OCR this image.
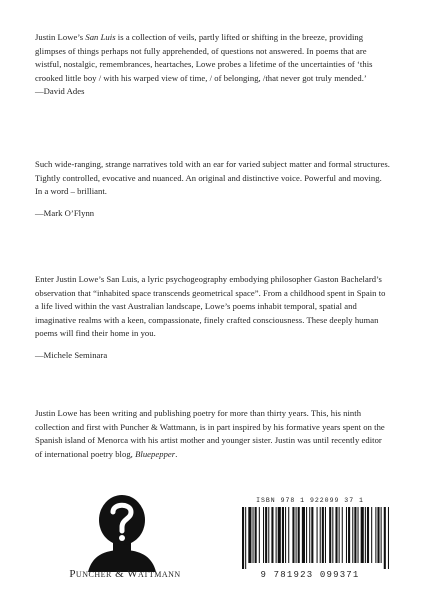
Justin Lowe’s San Luis is a collection of veils, partly lifted or shifting in the breeze, providing glimpses of things perhaps not fully apprehended, of questions not answered. In poems that are wistful, nostalgic, remembrances, heartaches, Lowe probes a lifetime of the uncertainties of ‘this crooked little boy / with his warped view of time, / of belonging, /that never got truly mended.’

—David Ades

Such wide-ranging, strange narratives told with an ear for varied subject matter and formal structures. Tightly controlled, evocative and nuanced. An original and distinctive voice. Powerful and moving. In a word – brilliant.

—Mark O’Flynn

Enter Justin Lowe’s San Luis, a lyric psychogeography embodying philosopher Gaston Bachelard’s observation that “inhabited space transcends geometrical space”. From a childhood spent in Spain to a life lived within the vast Australian landscape, Lowe’s poems inhabit temporal, spatial and imaginative realms with a keen, compassionate, finely crafted consciousness. These deeply human poems will find their home in you.

—Michele Seminara

Justin Lowe has been writing and publishing poetry for more than thirty years. This, his ninth collection and first with Puncher & Wattmann, is in part inspired by his formative years spent on the Spanish island of Menorca with his artist mother and younger sister. Justin was until recently editor of international poetry blog, Bluepepper.

Puncher & Wattmann
ISBN 978 1 922099 37 1
9 781923 099371
